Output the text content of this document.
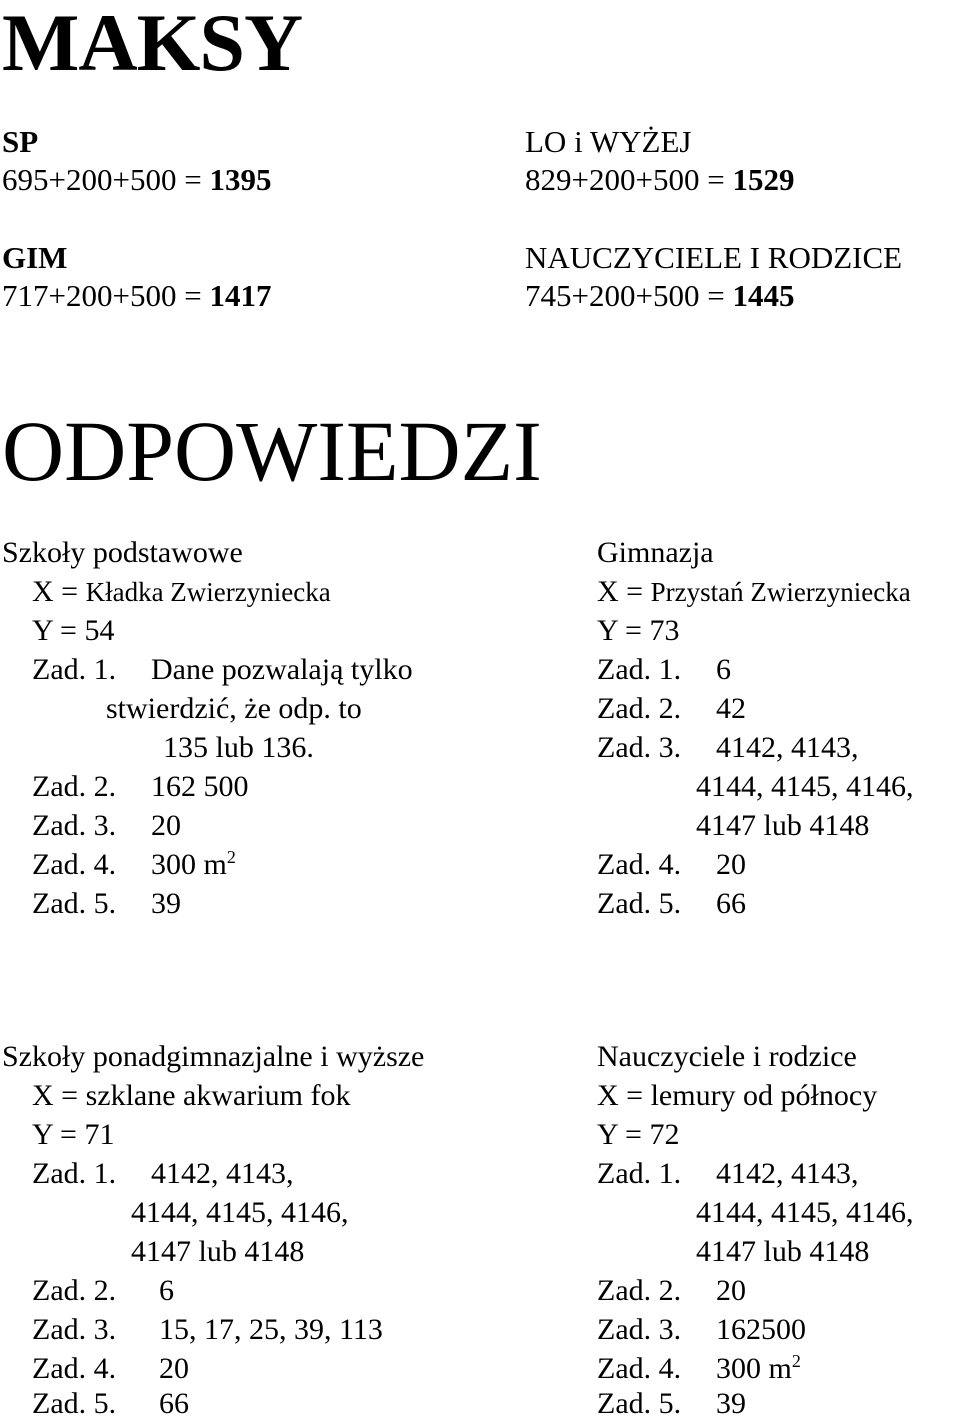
MAKSY
SP
695+200+500 = 1395
LO i WYŻEJ
829+200+500 = 1529
GIM
717+200+500 = 1417
NAUCZYCIELE I RODZICE
745+200+500 = 1445
ODPOWIEDZI
Szkoły podstawowe
X = Kładka Zwierzyniecka
Y = 54
Zad. 1. Dane pozwalają tylko
stwierdzić, że odp. to
135 lub 136.
Zad. 2. 162 500
Zad. 3. 20
Zad. 4. 300 $m^2$
Zad. 5. 39
Gimnazja
X = Przystań Zwierzyniecka
Y = 73
Zad. 1. 6
Zad. 2. 42
Zad. 3. 4142, 4143,
4144, 4145, 4146,
4147 lub 4148
Zad. 4. 20
Zad. 5. 66
Szkoły ponadgimnazjalne i wyższe
X = szklane akwarium fok
Y = 71
Zad. 1. 4142, 4143,
4144, 4145, 4146,
4147 lub 4148
Zad. 2. 6
Zad. 3. 15, 17, 25, 39, 113
Zad. 4. 20
Zad. 5. 66
Nauczyciele i rodzice
X = lemury od północy
Y = 72
Zad. 1. 4142, 4143,
4144, 4145, 4146,
4147 lub 4148
Zad. 2. 20
Zad. 3. 162500
Zad. 4. 300 $m^2$
Zad. 5. 39
